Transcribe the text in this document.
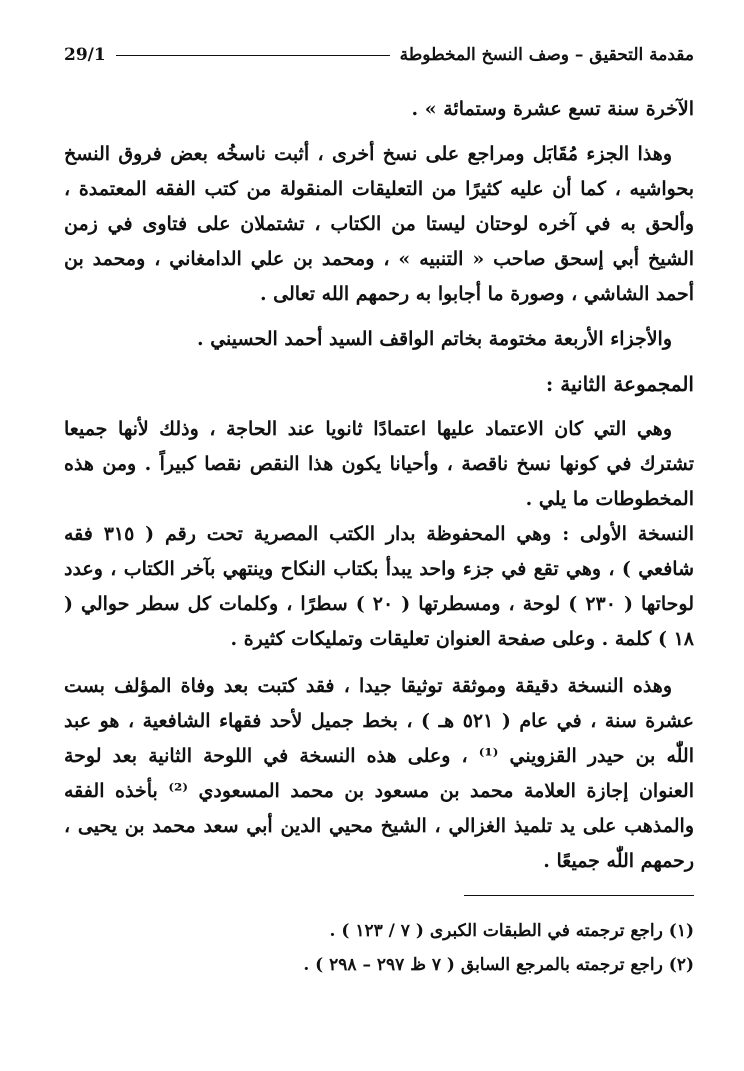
مقدمة التحقيق – وصف النسخ المخطوطة
29/1

الآخرة سنة تسع عشرة وستمائة » .

وهذا الجزء مُقَابَل ومراجع على نسخ أخرى ، أثبت ناسخُه بعض فروق النسخ بحواشيه ، كما أن عليه كثيرًا من التعليقات المنقولة من كتب الفقه المعتمدة ، وألحق به في آخره لوحتان ليستا من الكتاب ، تشتملان على فتاوى في زمن الشيخ أبي إسحق صاحب « التنبيه » ، ومحمد بن علي الدامغاني ، ومحمد بن أحمد الشاشي ، وصورة ما أجابوا به رحمهم الله تعالى .

والأجزاء الأربعة مختومة بخاتم الواقف السيد أحمد الحسيني .

المجموعة الثانية :

وهي التي كان الاعتماد عليها اعتمادًا ثانويا عند الحاجة ، وذلك لأنها جميعا تشترك في كونها نسخ ناقصة ، وأحيانا يكون هذا النقص نقصا كبيراً . ومن هذه المخطوطات ما يلي .

النسخة الأولى : وهي المحفوظة بدار الكتب المصرية تحت رقم ( ٣١٥ فقه شافعي ) ، وهي تقع في جزء واحد يبدأ بكتاب النكاح وينتهي بآخر الكتاب ، وعدد لوحاتها ( ٢٣٠ ) لوحة ، ومسطرتها ( ٢٠ ) سطرًا ، وكلمات كل سطر حوالي ( ١٨ ) كلمة . وعلى صفحة العنوان تعليقات وتمليكات كثيرة .

وهذه النسخة دقيقة وموثقة توثيقا جيدا ، فقد كتبت بعد وفاة المؤلف بست عشرة سنة ، في عام ( ٥٢١ هـ ) ، بخط جميل لأحد فقهاء الشافعية ، هو عبد اللّٰه بن حيدر القزويني ⁽¹⁾ ، وعلى هذه النسخة في اللوحة الثانية بعد لوحة العنوان إجازة العلامة محمد بن مسعود بن محمد المسعودي ⁽²⁾ بأخذه الفقه والمذهب على يد تلميذ الغزالي ، الشيخ محيي الدين أبي سعد محمد بن يحيى ، رحمهم اللّٰه جميعًا .

(١) راجع ترجمته في الطبقات الكبرى ( ٧ / ١٢٣ ) .

(٢) راجع ترجمته بالمرجع السابق ( ٧ ظ ٢٩٧ – ٢٩٨ ) .
